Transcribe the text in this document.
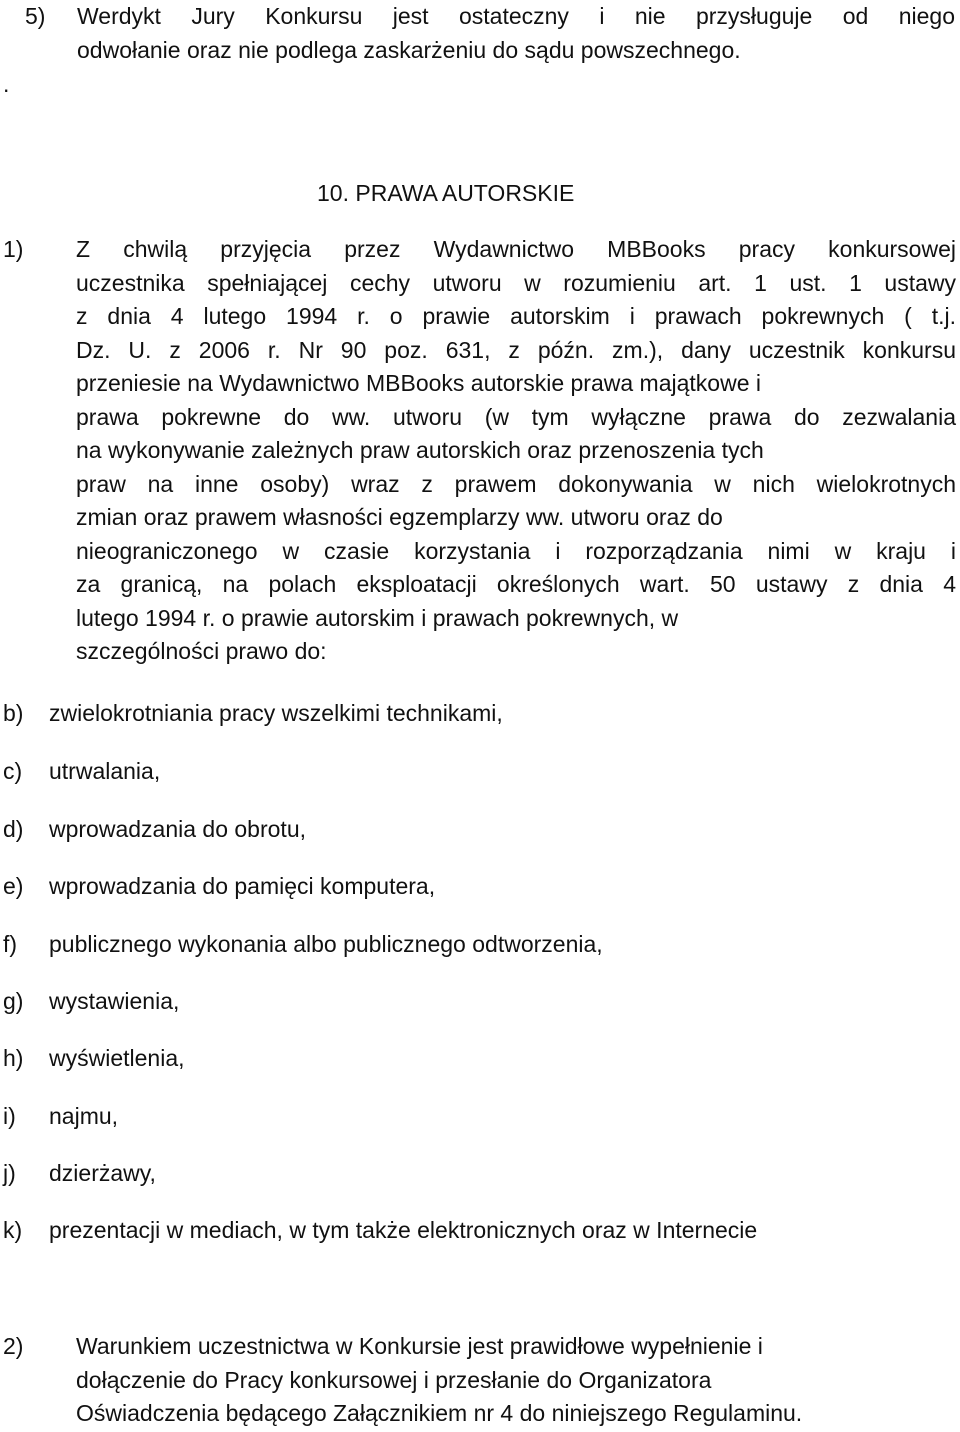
5)	Werdykt Jury Konkursu jest ostateczny i nie przysługuje od niego
odwołanie oraz nie podlega zaskarżeniu do sądu powszechnego.
.
10. PRAWA AUTORSKIE
1)	Z chwilą przyjęcia przez Wydawnictwo MBBooks pracy konkursowej
uczestnika spełniającej cechy utworu w rozumieniu art. 1 ust. 1 ustawy
z dnia 4 lutego 1994 r. o prawie autorskim i prawach pokrewnych ( t.j.
Dz. U. z 2006 r. Nr 90 poz. 631, z późn. zm.), dany uczestnik konkursu
przeniesie na Wydawnictwo MBBooks autorskie prawa majątkowe i
prawa pokrewne do ww. utworu (w tym wyłączne prawa do zezwalania
na wykonywanie zależnych praw autorskich oraz przenoszenia tych
praw na inne osoby) wraz z prawem dokonywania w nich wielokrotnych
zmian oraz prawem własności egzemplarzy ww. utworu oraz do
nieograniczonego w czasie korzystania i rozporządzania nimi w kraju i
za granicą, na polach eksploatacji określonych wart. 50 ustawy z dnia 4
lutego 1994 r. o prawie autorskim i prawach pokrewnych, w
szczególności prawo do:
b)	zwielokrotniania pracy wszelkimi technikami,
c)	utrwalania,
d)	wprowadzania do obrotu,
e)	wprowadzania do pamięci komputera,
f)	publicznego wykonania albo publicznego odtworzenia,
g)	wystawienia,
h)	wyświetlenia,
i)	najmu,
j)	dzierżawy,
k)	prezentacji w mediach, w tym także elektronicznych oraz w Internecie
2)	Warunkiem uczestnictwa w Konkursie jest prawidłowe wypełnienie i
dołączenie do Pracy konkursowej i przesłanie do Organizatora
Oświadczenia będącego Załącznikiem nr 4 do niniejszego Regulaminu.
